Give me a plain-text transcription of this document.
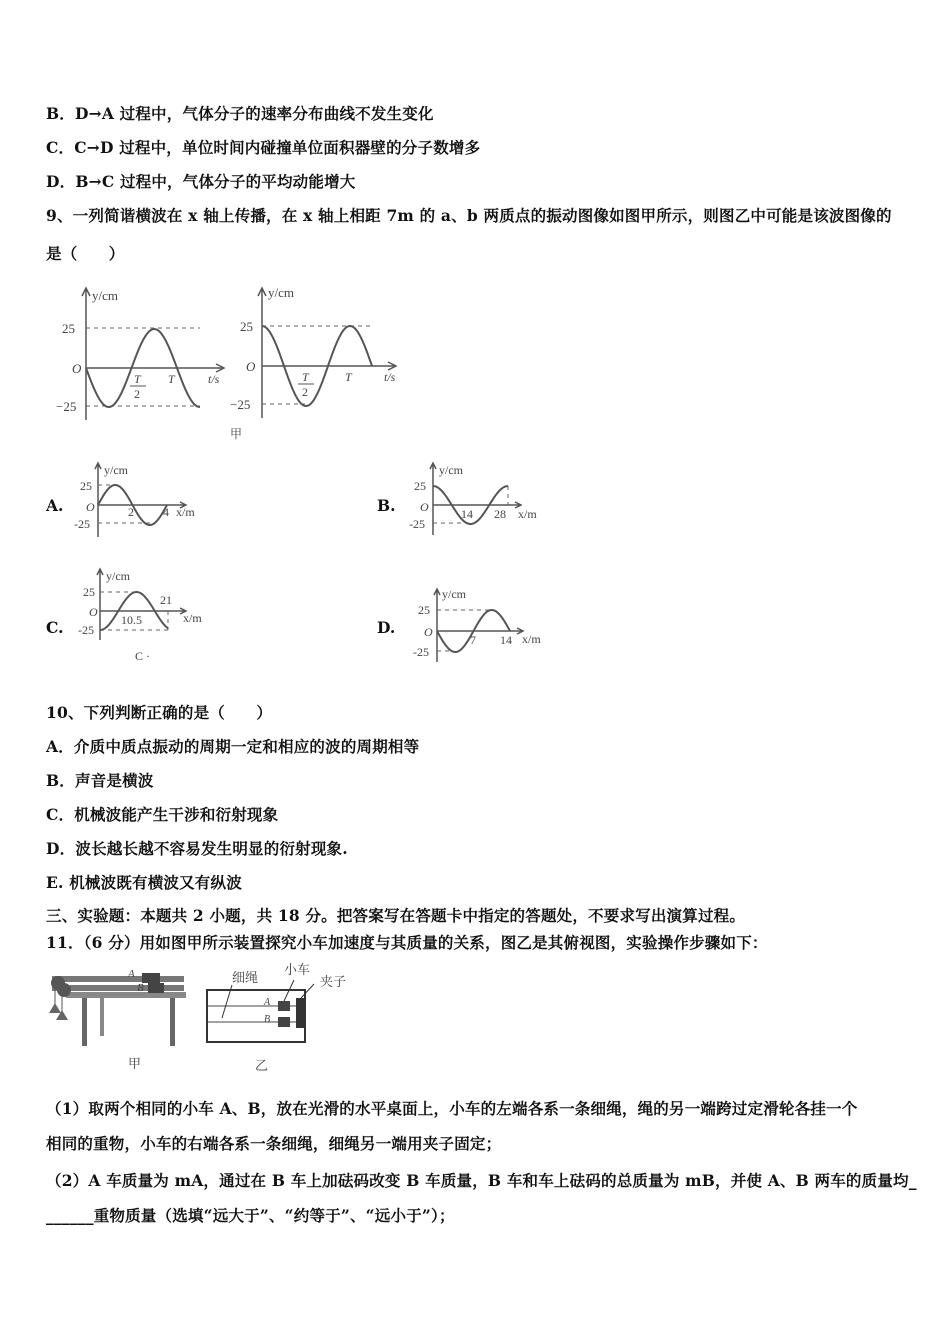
B．D→A 过程中，气体分子的速率分布曲线不发生变化
C．C→D 过程中，单位时间内碰撞单位面积器壁的分子数增多
D．B→C 过程中，气体分子的平均动能增大
9、一列简谐横波在 x 轴上传播，在 x 轴上相距 7m 的 a、b 两质点的振动图像如图甲所示，则图乙中可能是该波图像的
是（　　）
A.	B.
C.	D.
10、下列判断正确的是（　　）
A．介质中质点振动的周期一定和相应的波的周期相等
B．声音是横波
C．机械波能产生干涉和衍射现象
D．波长越长越不容易发生明显的衍射现象.
E. 机械波既有横波又有纵波
三、实验题：本题共 2 小题，共 18 分。把答案写在答题卡中指定的答题处，不要求写出演算过程。
11．（6 分）用如图甲所示装置探究小车加速度与其质量的关系，图乙是其俯视图，实验操作步骤如下：
（1）取两个相同的小车 A、B，放在光滑的水平桌面上，小车的左端各系一条细绳，绳的另一端跨过定滑轮各挂一个
相同的重物，小车的右端各系一条细绳，细绳另一端用夹子固定；
（2）A 车质量为 mA，通过在 B 车上加砝码改变 B 车质量，B 车和车上砝码的总质量为 mB，并使 A、B 两车的质量均_
______重物质量（选填“远大于”、“约等于”、“远小于”）；
y/cm
25
−25
O
T
2
T	t/s
y/cm
25
−25
O
T
2
T	t/s
甲
y/cm
25
-25
O	2 4 x/m
y/cm
25
-25
O	14 28 x/m
y/cm
25
-25
O
10.5
21
x/m
C ·
y/cm
25
-25
O
7 14 x/m
A
B
甲
细绳
小车
夹子
A
B
乙
